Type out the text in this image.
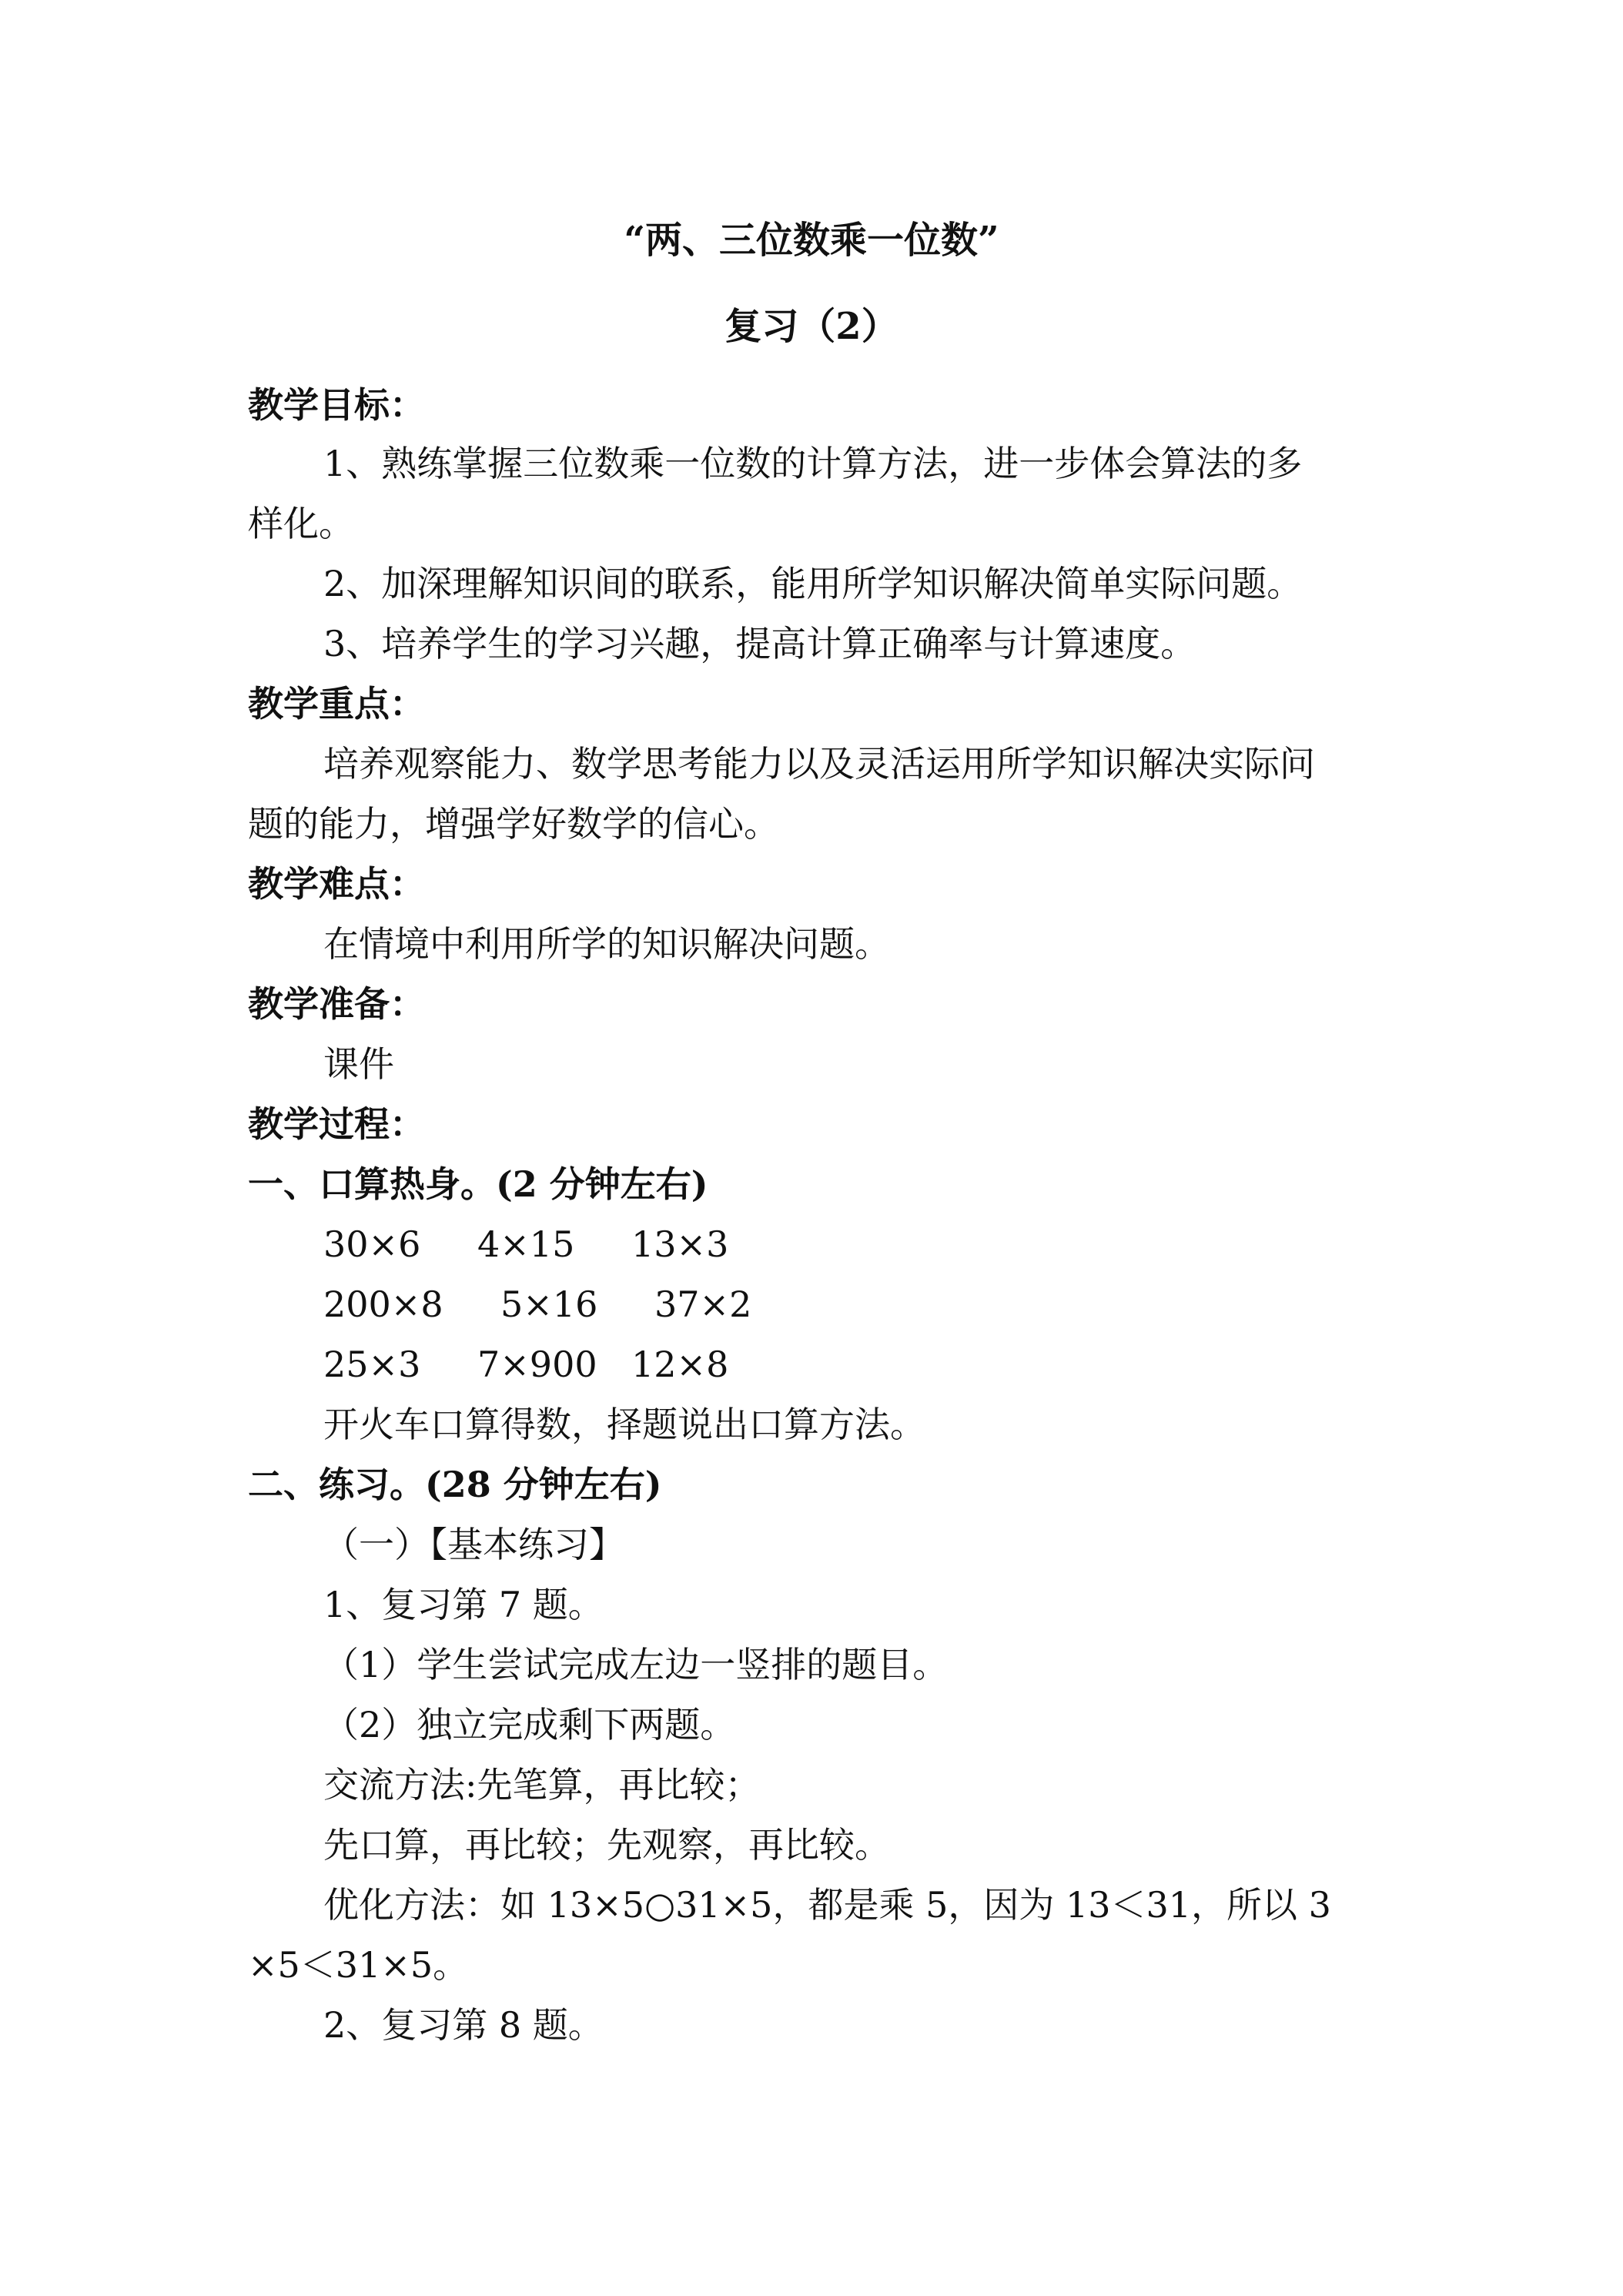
“两、三位数乘一位数”
复习（2）
教学目标：
1、熟练掌握三位数乘一位数的计算方法，进一步体会算法的多
样化。
2、加深理解知识间的联系，能用所学知识解决简单实际问题。
3、培养学生的学习兴趣，提高计算正确率与计算速度。
教学重点：
培养观察能力、数学思考能力以及灵活运用所学知识解决实际问
题的能力，增强学好数学的信心。
教学难点：
在情境中利用所学的知识解决问题。
教学准备：
课件
教学过程：
一、口算热身。(2 分钟左右)
30×6 4×15 13×3
200×8 5×16 37×2
25×3 7×900 12×8
开火车口算得数，择题说出口算方法。
二、练习。(28 分钟左右)
（一）【基本练习】
1、复习第 7 题。
（1）学生尝试完成左边一竖排的题目。
（2）独立完成剩下两题。
交流方法:先笔算，再比较；
先口算，再比较；先观察，再比较。
优化方法：如 13×5○31×5，都是乘 5，因为 13＜31，所以 3
×5＜31×5。
2、复习第 8 题。
